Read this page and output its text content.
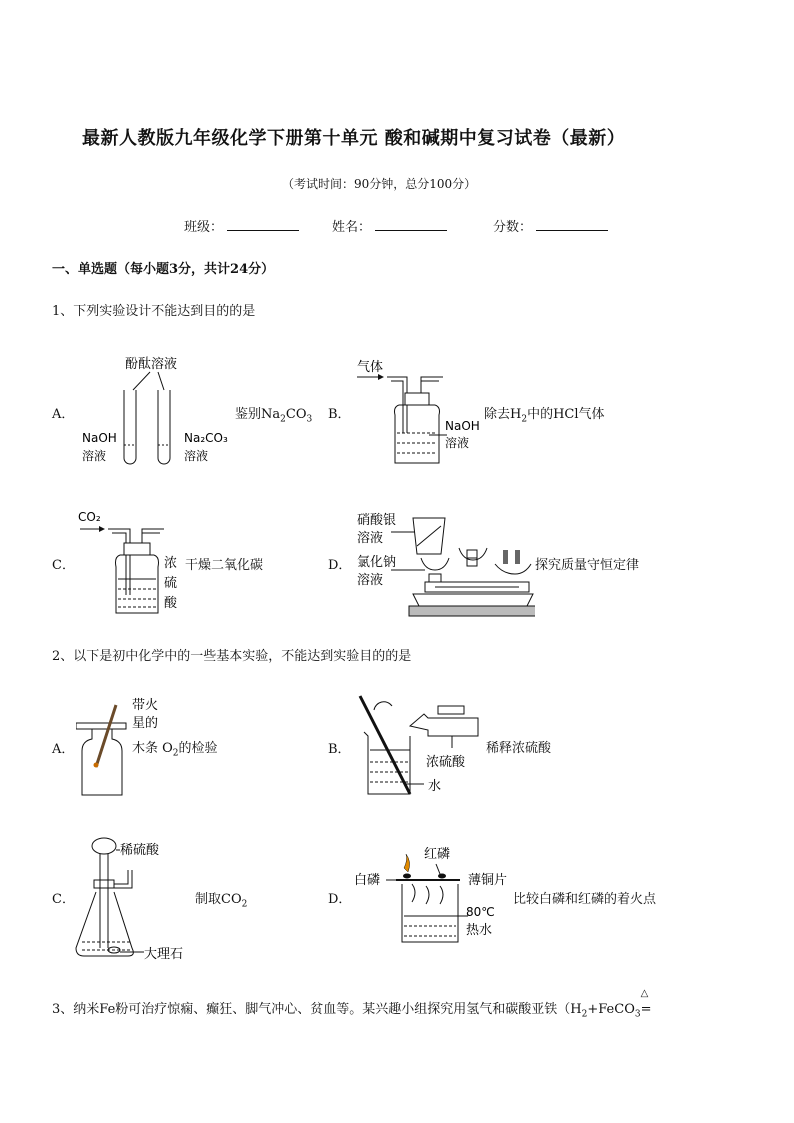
最新人教版九年级化学下册第十单元 酸和碱期中复习试卷（最新）
（考试时间：90分钟，总分100分）
班级：	姓名：	分数：
一、单选题（每小题3分，共计24分）
1、下列实验设计不能达到目的的是
A．
酚酞溶液
NaOH
溶液
Na₂CO₃
溶液
鉴别$Na_2CO_3$ B．
气体
NaOH
溶液
除去$H_2$中的HCl气体
C．
CO₂
浓
硫
酸
干燥二氧化碳	D．
硝酸银
溶液
氯化钠
溶液
探究质量守恒定律
2、以下是初中化学中的一些基本实验，不能达到实验目的的是
A．
带火
星的
木条 $O_2$的检验	B．
浓硫酸
水
稀释浓硫酸
C．
稀硫酸
大理石
制取$CO_2$	D．
红磷
白磷	薄铜片
80℃
热水
比较白磷和红磷的着火点
3、纳米Fe粉可治疗惊痫、癫狂、脚气冲心、贫血等。某兴趣小组探究用氢气和碳酸亚铁（$H_2+FeCO_3$
△
=
